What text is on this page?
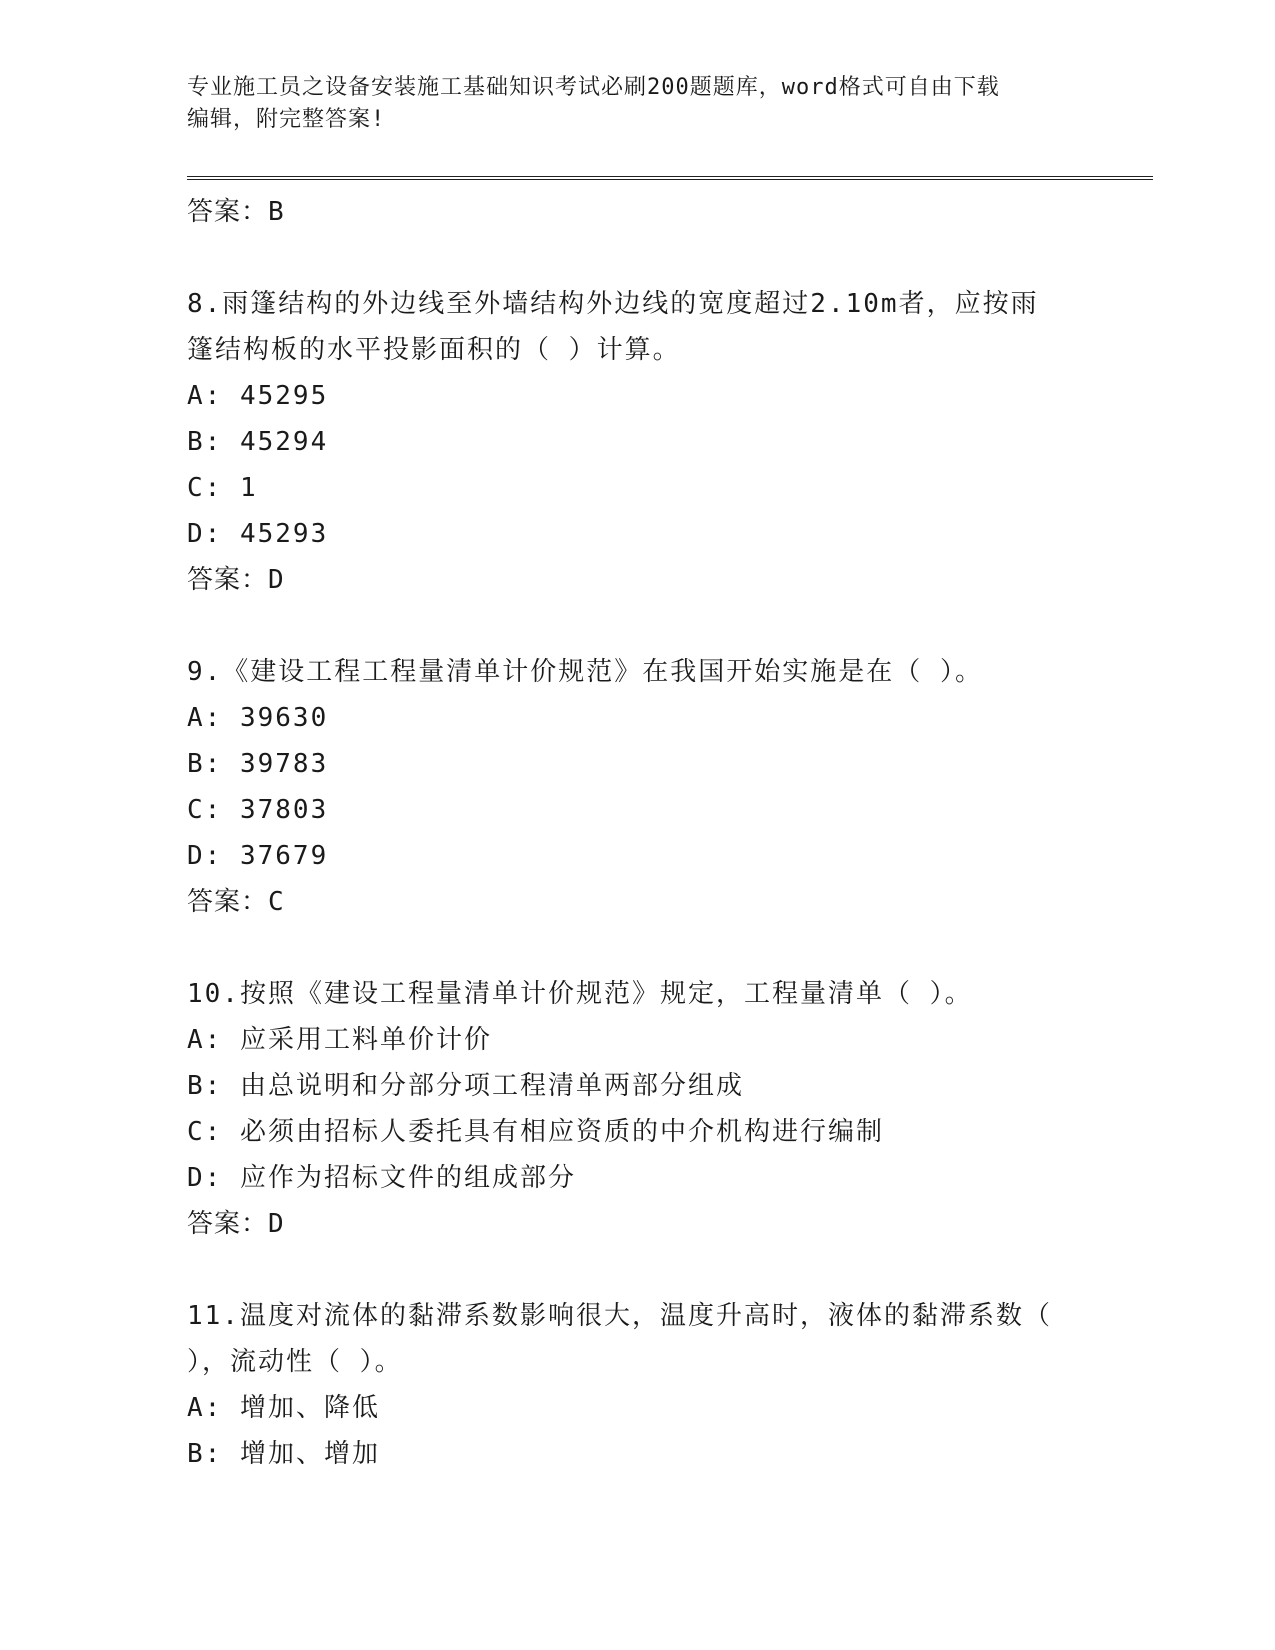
专业施工员之设备安装施工基础知识考试必刷200题题库，word格式可自由下载
编辑，附完整答案!
答案：B
8.雨篷结构的外边线至外墙结构外边线的宽度超过2.10m者，应按雨
篷结构板的水平投影面积的（ ）计算。
A: 45295
B: 45294
C: 1
D: 45293
答案：D
9.《建设工程工程量清单计价规范》在我国开始实施是在（ ）。
A: 39630
B: 39783
C: 37803
D: 37679
答案：C
10.按照《建设工程量清单计价规范》规定，工程量清单（ ）。
A: 应采用工料单价计价
B: 由总说明和分部分项工程清单两部分组成
C: 必须由招标人委托具有相应资质的中介机构进行编制
D: 应作为招标文件的组成部分
答案：D
11.温度对流体的黏滞系数影响很大，温度升高时，液体的黏滞系数（
），流动性（ ）。
A: 增加、降低
B: 增加、增加
